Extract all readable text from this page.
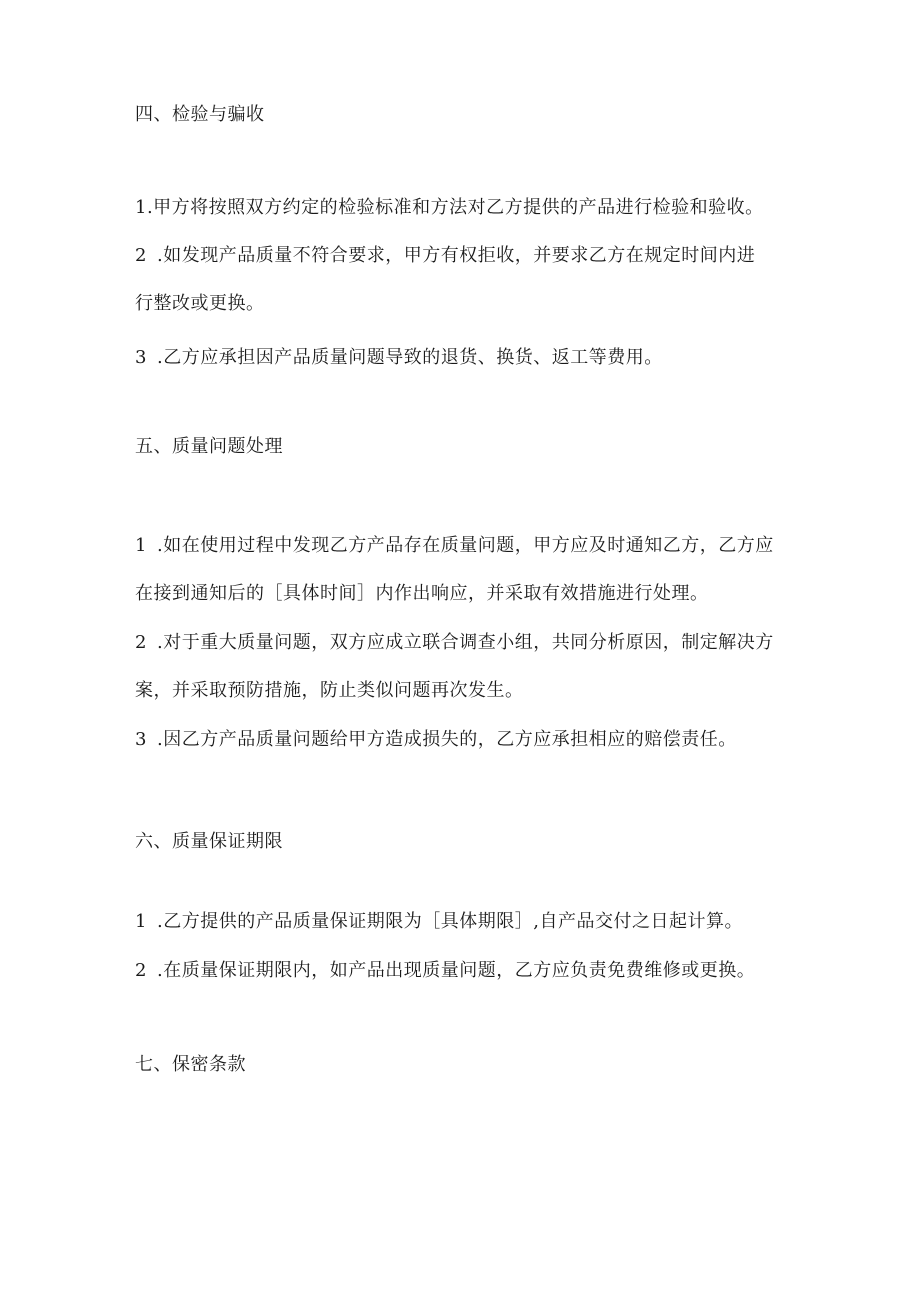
四、检验与骗收
1.甲方将按照双方约定的检验标准和方法对乙方提供的产品进行检验和验收。
2 .如发现产品质量不符合要求，甲方有权拒收，并要求乙方在规定时间内进
行整改或更换。
3 .乙方应承担因产品质量问题导致的退货、换货、返工等费用。
五、质量问题处理
1 .如在使用过程中发现乙方产品存在质量问题，甲方应及时通知乙方，乙方应
在接到通知后的［具体时间］内作出响应，并采取有效措施进行处理。
2 .对于重大质量问题，双方应成立联合调查小组，共同分析原因，制定解决方
案，并采取预防措施，防止类似问题再次发生。
3 .因乙方产品质量问题给甲方造成损失的，乙方应承担相应的赔偿责任。
六、质量保证期限
1 .乙方提供的产品质量保证期限为［具体期限］,自产品交付之日起计算。
2 .在质量保证期限内，如产品出现质量问题，乙方应负责免费维修或更换。
七、保密条款
